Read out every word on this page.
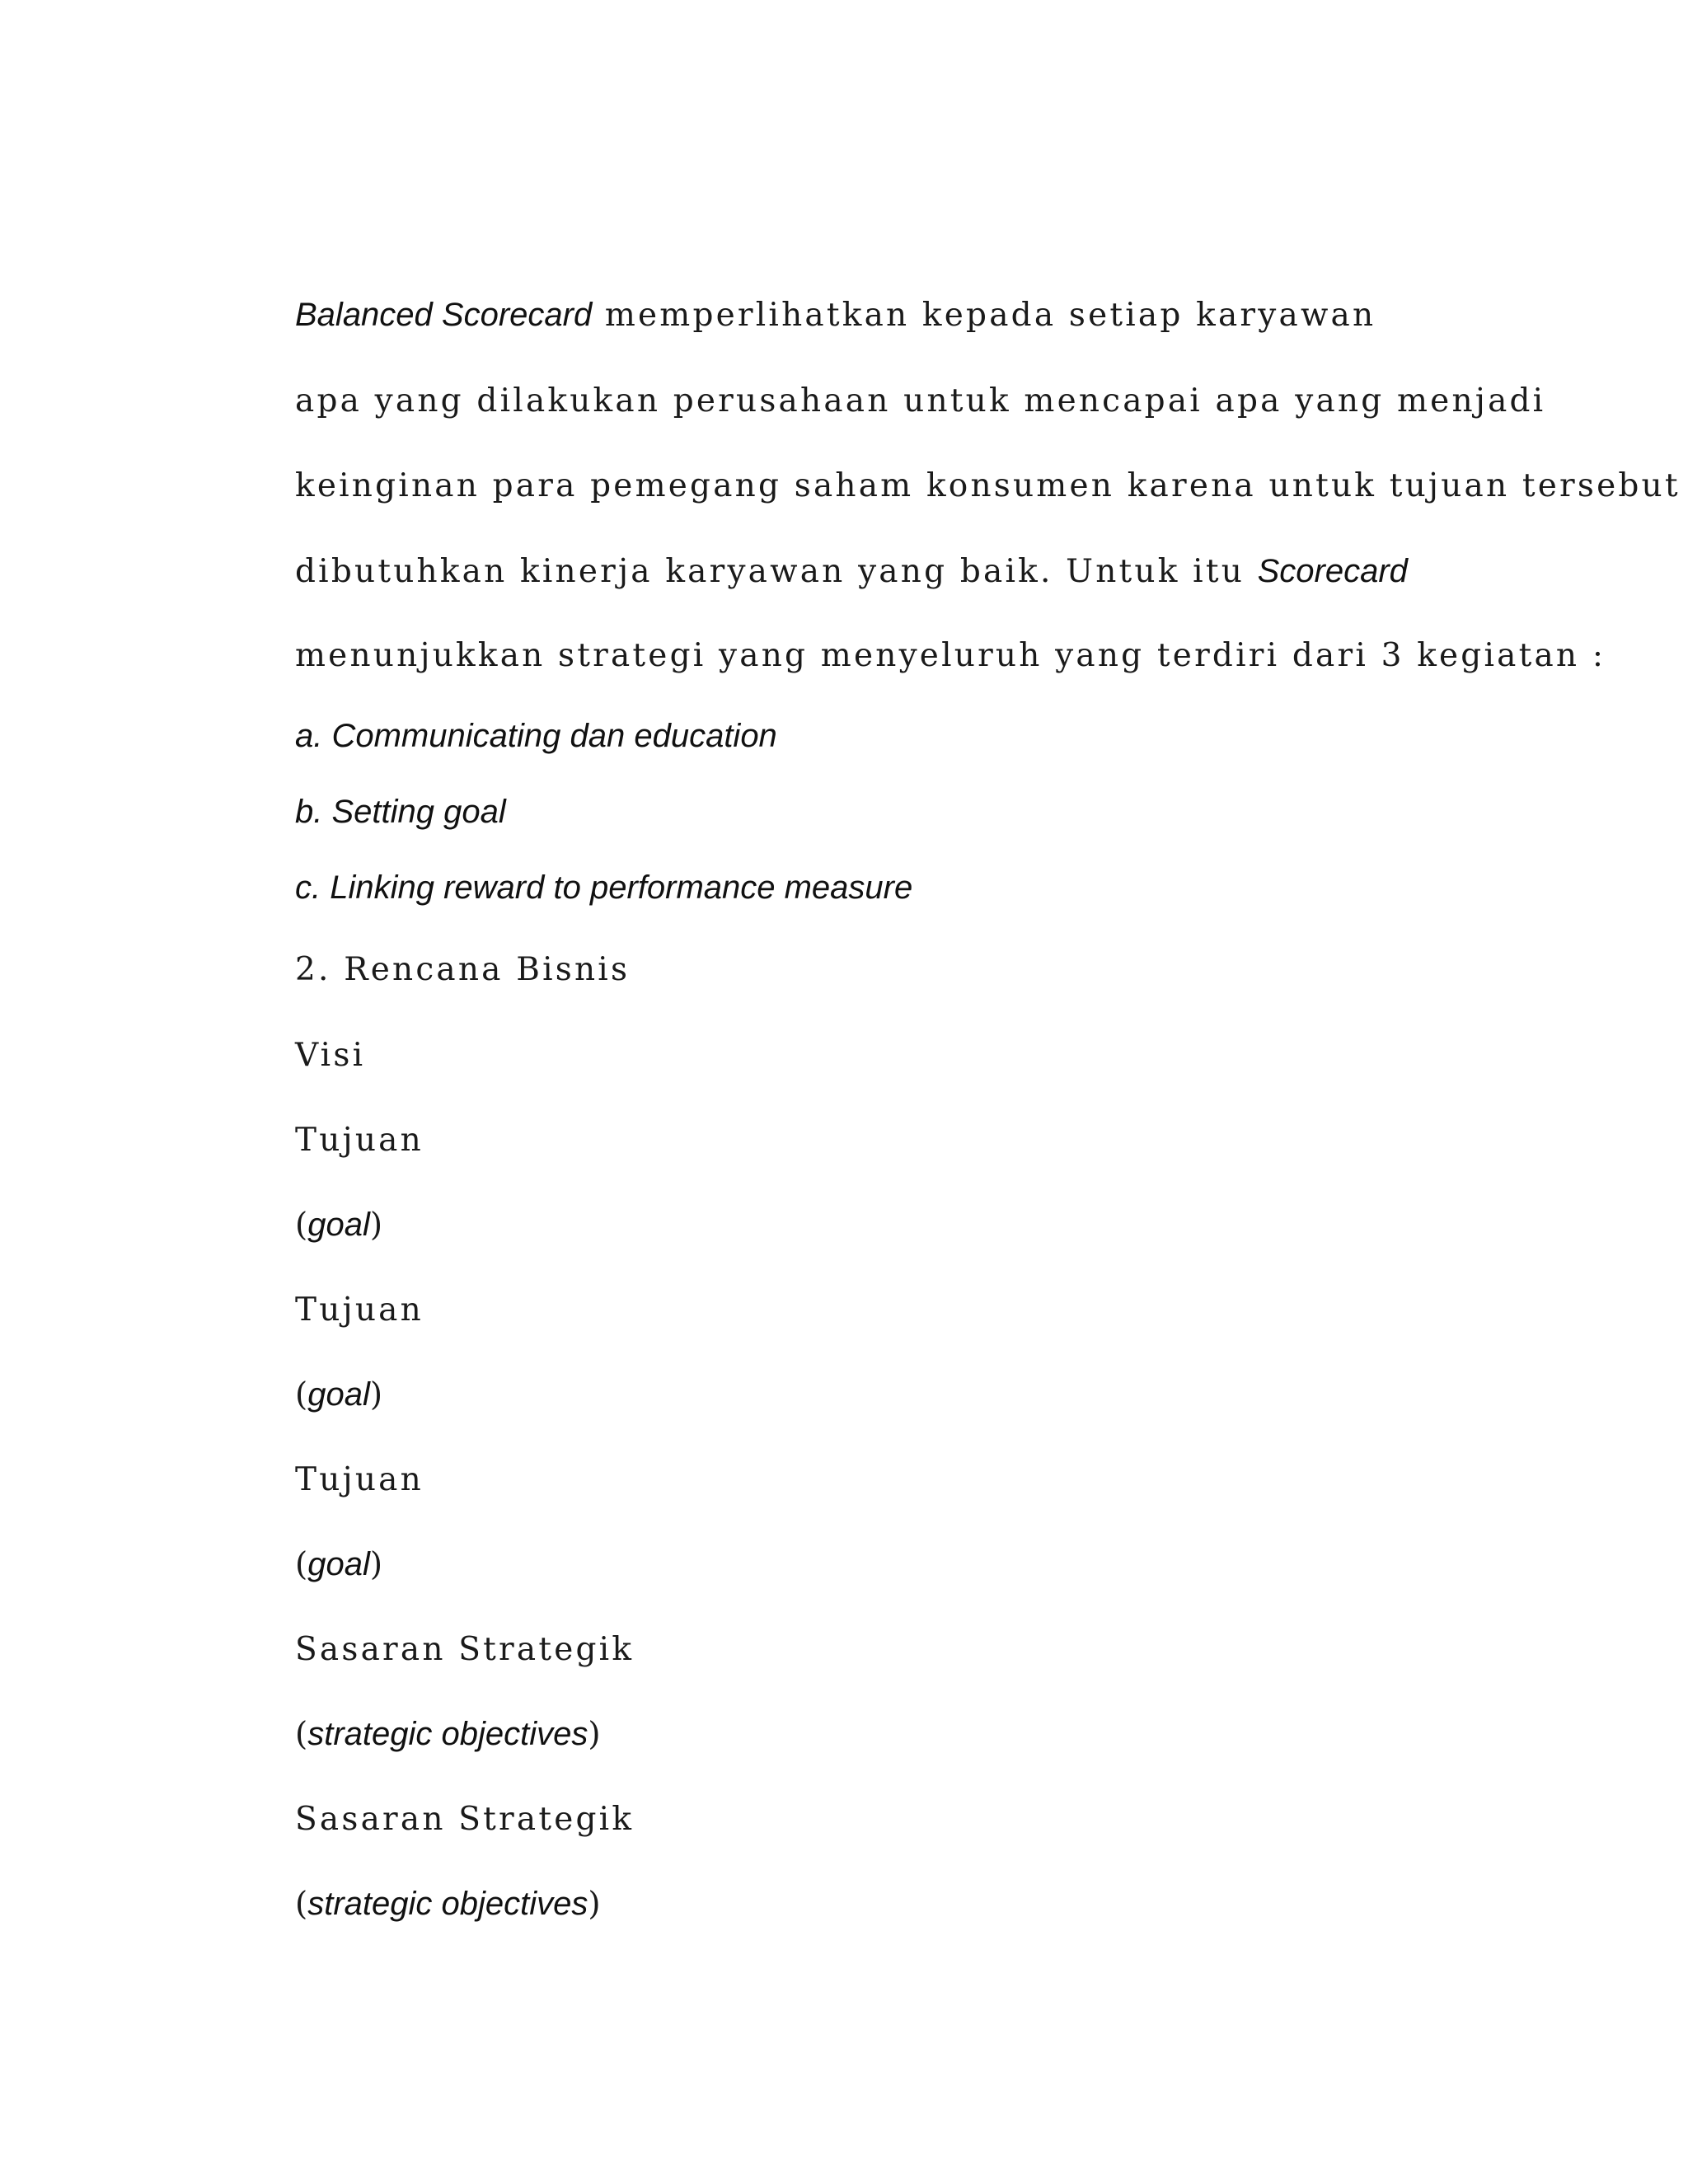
Balanced Scorecard memperlihatkan kepada setiap karyawan
apa yang dilakukan perusahaan untuk mencapai apa yang menjadi
keinginan para pemegang saham konsumen karena untuk tujuan tersebut
dibutuhkan kinerja karyawan yang baik. Untuk itu Scorecard
menunjukkan strategi yang menyeluruh yang terdiri dari 3 kegiatan :
a. Communicating dan education
b. Setting goal
c. Linking reward to performance measure
2. Rencana Bisnis
Visi
Tujuan
(goal)
Tujuan
(goal)
Tujuan
(goal)
Sasaran Strategik
(strategic objectives)
Sasaran Strategik
(strategic objectives)
